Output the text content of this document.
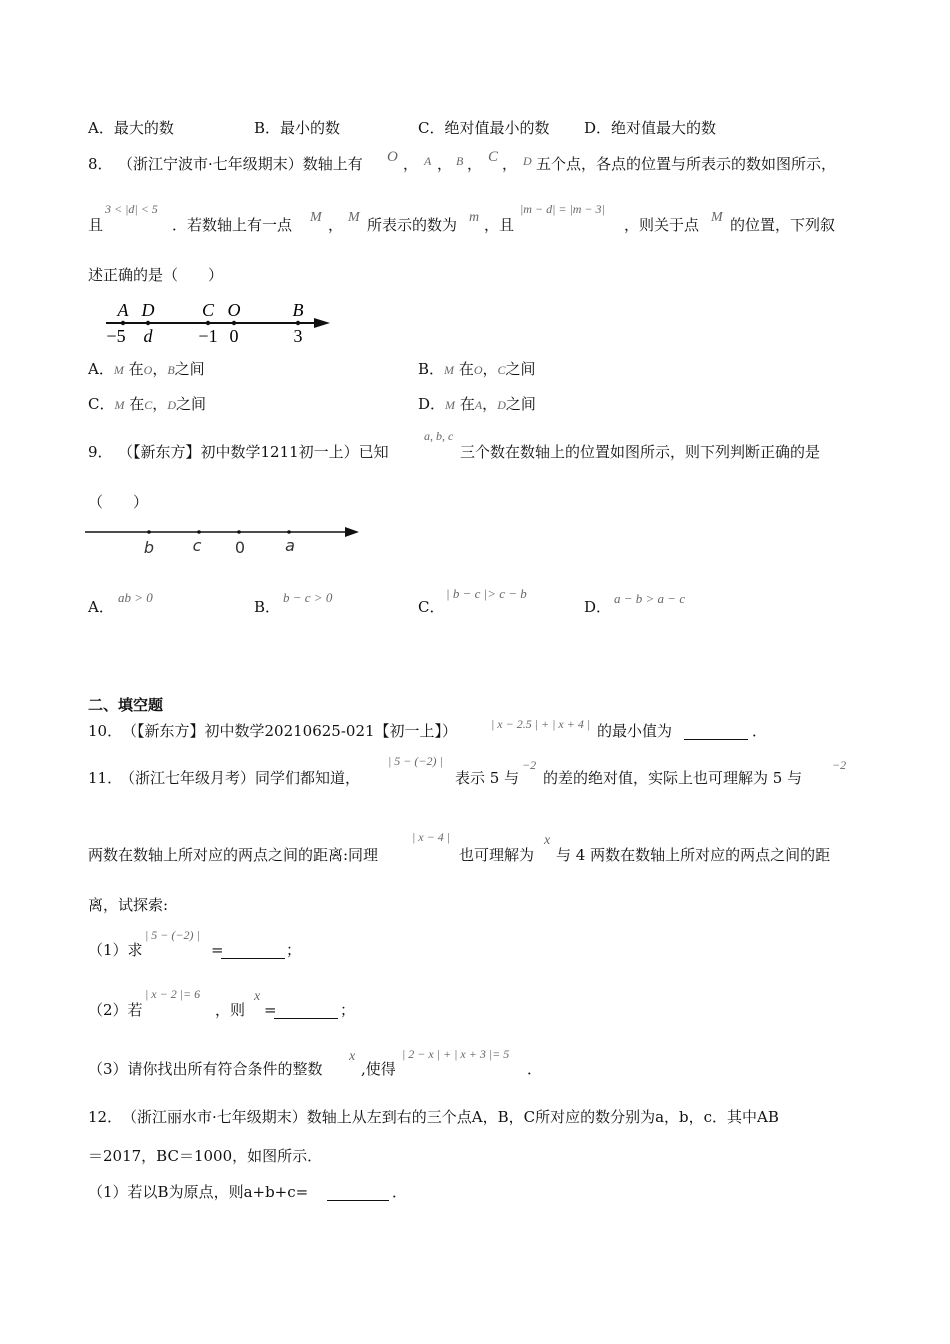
A．最大的数	B．最小的数	C．绝对值最小的数 D．绝对值最大的数
8． （浙江宁波市·七年级期末）数轴上有 O ， A ， B ， C ， D 五个点，各点的位置与所表示的数如图所示，
且
3 < |d| < 5
．若数轴上有一点 M ， M 所表示的数为 m ，且
|m − d| = |m − 3|
，则关于点 M 的位置，下列叙
述正确的是（　　）
A D	C O	B
−5 d	−1 0	3
A．M 在O，B之间	B．M 在O，C之间
C．M 在C，D之间	D．M 在A，D之间
9． （【新东方】初中数学1211初一上）已知
a, b, c
三个数在数轴上的位置如图所示，则下列判断正确的是
（　　）
b c 0	a
A．
ab > 0
B．
b − c > 0
C．
| b − c |> c − b
D． a − b > a − c
二、填空题
10． （【新东方】初中数学20210625-021【初一上】）	| x − 2.5 | + | x + 4 | 的最小值为	．
11．
（浙江七年级月考）同学们都知道，
| 5 − (−2) |
表示 5 与
−2
的差的绝对值，实际上也可理解为 5 与
−2
两数在数轴上所对应的两点之间的距离:同理
| x − 4 |
也可理解为
x
与 4 两数在数轴上所对应的两点之间的距
离，试探索:
（1）求
| 5 − (−2) |
=	；
（2）若
| x − 2 |= 6
，则
x
=	；
（3）请你找出所有符合条件的整数
x
,使得
| 2 − x | + | x + 3 |= 5
．
12． （浙江丽水市·七年级期末）数轴上从左到右的三个点A，B，C所对应的数分别为a，b，c．其中AB
＝2017，BC＝1000，如图所示．
（1）若以B为原点，则a+b+c=	．
